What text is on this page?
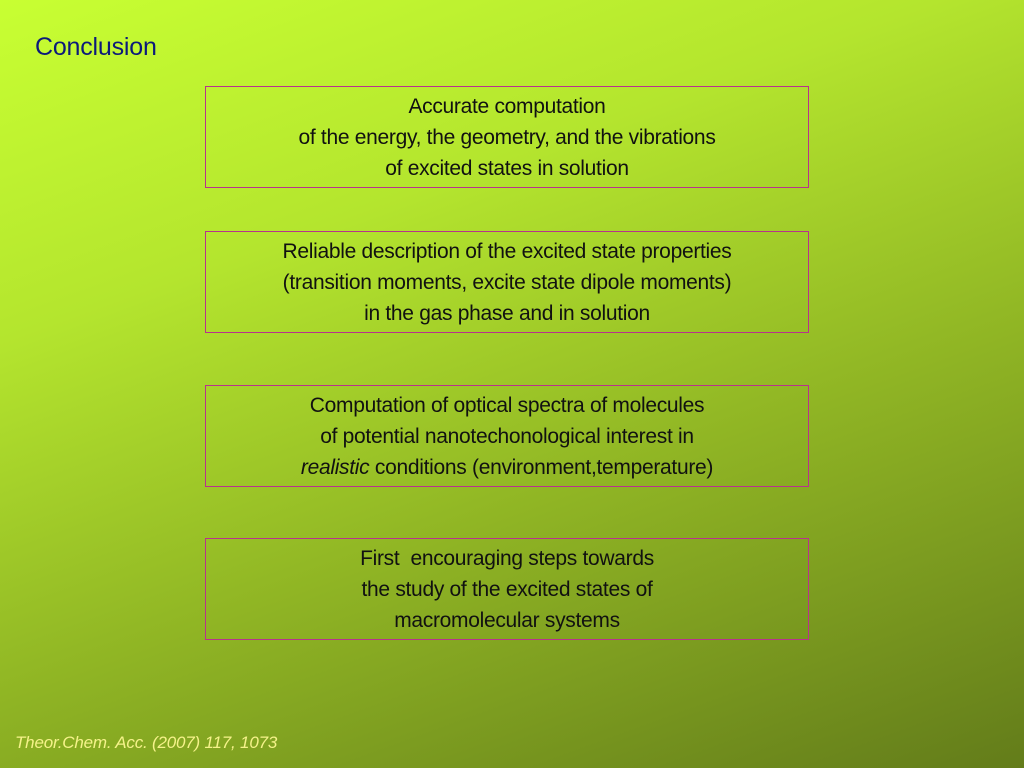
Conclusion
Accurate computation
of the energy, the geometry, and the vibrations
of excited states in solution
Reliable description of the excited state properties
(transition moments, excite state dipole moments)
in the gas phase and in solution
Computation of optical spectra of molecules
of potential nanotechonological interest in
realistic conditions (environment,temperature)
First  encouraging steps towards
the study of the excited states of
macromolecular systems
Theor.Chem. Acc. (2007) 117, 1073
